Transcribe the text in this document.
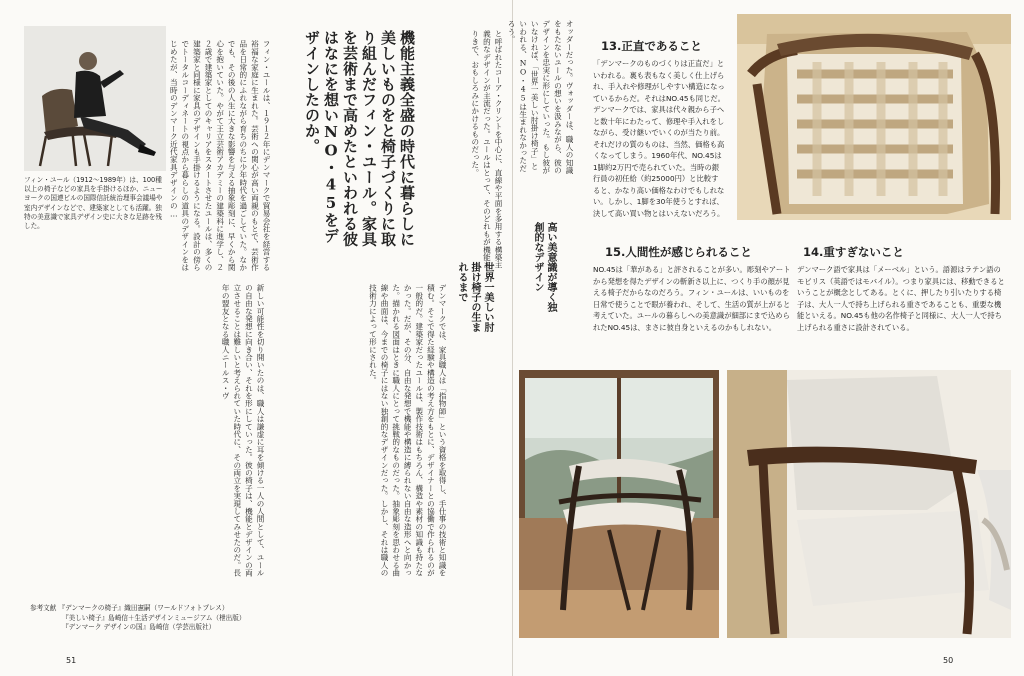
フィン・ユール（1912〜1989年）は、100種以上の椅子などの家具を手掛けるほか、ニューヨークの国連ビルの国際信託統治理事会議場や室内デザインなどで、建築家としても活躍。独特の美意識で家具デザイン史に大きな足跡を残した。	機能主義全盛の時代に暮らしに美しいものをと椅子づくりに取り組んだフィン・ユール。家具を芸術まで高めたといわれる彼はなにを想いNO・45をデザインしたのか。
フィン・ユールは、１９１２年にデンマークで貿易会社を経営する裕福な家庭に生まれた。芸術への関心が高い両親のもとで、芸術作品を日常的にふれながら育ちのちに少年時代を過ごしていた。なかでも、その後の人生に大きな影響を与える抽象彫刻に、早くから関心を抱いていた。やがて王立芸術アカデミーの建築科に進学し、２２歳で建築家としてのキャリアをスタートさせたユールは、多くの建築家と同様に家具のデザインも手掛けるようになる。設計の傍らでトータルコーディネートの視点から暮らしの道具のデザインをはじめたが、当時のデンマーク近代家具デザインの…	と呼ばれたコーア・クリントを中心に、直線や平面を多用する構築主義的なデザインが主流だった。ユールはとって、そのどれもが機能ありきで、おもしろみにかけるものだった。
世界一美しい肘掛け椅子の生まれるまで
デンマークでは、家具職人は「指物師」という資格を取得し、手仕事の技術と知識を積む。そこで得た経験や構造の考え方をもとに、デザイナーとの協働で作られるのが一般的だ。建築家だったユールは、製作技術はもちろん、構造や素材の知識も持たなかった。だが、その分、自由な発想で機能や構造に縛られない自由な造形へと向かった。描かれる図面はときに職人にとって挑戦的なものだった。抽象彫刻を思わせる曲線や曲面は、今までの椅子にはない独創的なデザインだった。しかし、それは職人の技術力によって形にされた。
新しい可能性を切り開いたのは、職人は謙虚に耳を傾ける一人の人間として、ユールの自由な発想に向き合い、それを形にしていった。彼の椅子は、機能とデザインの両立させることは難しいと考えられていた時代に、その両立を実現してみせたのだ。長年の盟友となる職人ニールス・ヴ
参考文献 『デンマークの椅子』織田憲嗣（ワールドフォトプレス）
『美しい椅子』島崎信＋生活デザインミュージアム（枻出版）
『デンマーク デザインの国』島崎信（学芸出版社）
51
オッダーだった。ヴォッダーは、職人の知識をもたないユールの想いを汲みながら、彼のデザインを忠実に形にしていった。もし彼がいなければ、「世界一美しい肘掛け椅子」といわれる、NO・45は生まれなかっただろう。
13.正直であること
「デンマークのものづくりは正直だ」といわれる。裏も表もなく美しく仕上げられ、手入れや修理がしやすい構造になっているからだ。それはNO.45も同じだ。デンマークでは、家具は代々親から子へと数十年にわたって、修理や手入れをしながら、受け継いでいくのが当たり前。それだけの質のものは、当然、価格も高くなってしまう。1960年代、NO.45は1脚約2万円で売られていた。当時の銀行員の初任給（約25000円）と比較すると、かなり高い価格なわけでもしれない。しかし、1脚を30年使うとすれば、決して高い買い物とはいえないだろう。
15.人間性が感じられること
NO.45は「華がある」と評されることが多い。彫刻やアートから発想を得たデザインの斬新さ以上に、つくり手の顔が見える椅子だからなのだろう。フィン・ユールは、いいものを日常で使うことで眼が養われ、そして、生活の質が上がると考えていた。ユールの暮らしへの美意識が細部にまで込められたNO.45は、まさに彼自身といえるのかもしれない。
14.重すぎないこと
デンマーク語で家具は「メーベル」という。語源はラテン語のモビリス（英語ではモバイル）。つまり家具には、移動できるということが概念としてある。とくに、押したり引いたりする椅子は、大人一人で持ち上げられる重さであることも、重要な機能といえる。NO.45も他の名作椅子と同様に、大人一人で持ち上げられる重さに設計されている。
高い美意識が導く独創的なデザイン
50
